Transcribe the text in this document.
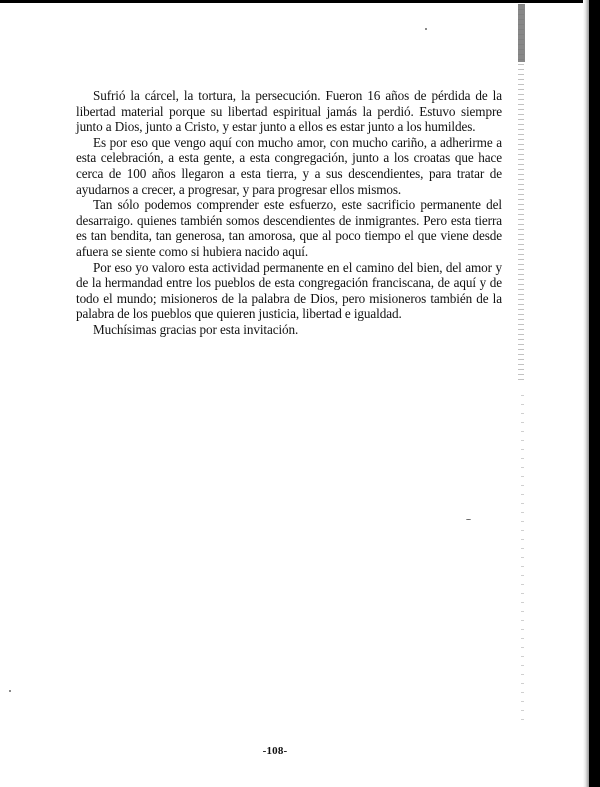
Sufrió la cárcel, la tortura, la persecución. Fueron 16 años de pérdida de la libertad material porque su libertad espiritual jamás la perdió. Estuvo siempre junto a Dios, junto a Cristo, y estar junto a ellos es estar junto a los humildes.

Es por eso que vengo aquí con mucho amor, con mucho cariño, a adherirme a esta celebración, a esta gente, a esta congregación, junto a los croatas que hace cerca de 100 años llegaron a esta tierra, y a sus descendientes, para tratar de ayudarnos a crecer, a progresar, y para progresar ellos mismos.

Tan sólo podemos comprender este esfuerzo, este sacrificio permanente del desarraigo. quienes también somos descendientes de inmigrantes. Pero esta tierra es tan bendita, tan generosa, tan amorosa, que al poco tiempo el que viene desde afuera se siente como si hubiera nacido aquí.

Por eso yo valoro esta actividad permanente en el camino del bien, del amor y de la hermandad entre los pueblos de esta congregación franciscana, de aquí y de todo el mundo; misioneros de la palabra de Dios, pero misioneros también de la palabra de los pueblos que quieren justicia, libertad e igualdad.

Muchísimas gracias por esta invitación.

-108-
